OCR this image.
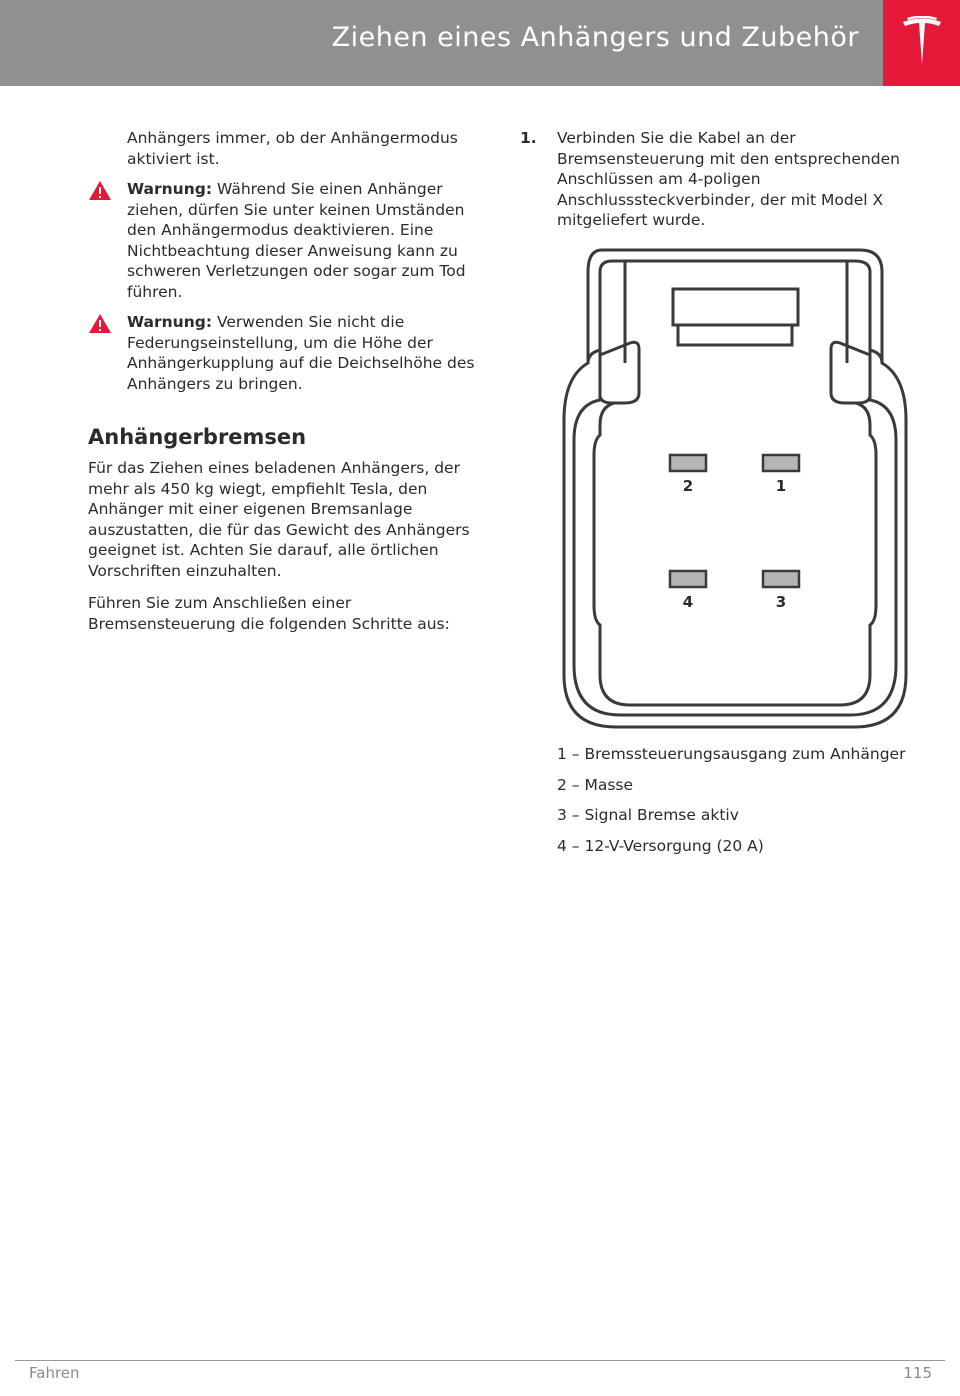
Ziehen eines Anhängers und Zubehör

Anhängers immer, ob der Anhängermodus aktiviert ist.

Warnung: Während Sie einen Anhänger ziehen, dürfen Sie unter keinen Umständen den Anhängermodus deaktivieren. Eine Nichtbeachtung dieser Anweisung kann zu schweren Verletzungen oder sogar zum Tod führen.
Warnung: Verwenden Sie nicht die Federungseinstellung, um die Höhe der Anhängerkupplung auf die Deichselhöhe des Anhängers zu bringen.
Anhängerbremsen

Für das Ziehen eines beladenen Anhängers, der mehr als 450 kg wiegt, empfiehlt Tesla, den Anhänger mit einer eigenen Bremsanlage auszustatten, die für das Gewicht des Anhängers geeignet ist. Achten Sie darauf, alle örtlichen Vorschriften einzuhalten.

Führen Sie zum Anschließen einer Bremsensteuerung die folgenden Schritte aus:

1. Verbinden Sie die Kabel an der Bremsensteuerung mit den entsprechenden Anschlüssen am 4-poligen Anschlusssteckverbinder, der mit Model X mitgeliefert wurde.
2	1
4	3

1 – Bremssteuerungsausgang zum Anhänger

2 – Masse

3 – Signal Bremse aktiv

4 – 12-V-Versorgung (20 A)

Fahren	115
